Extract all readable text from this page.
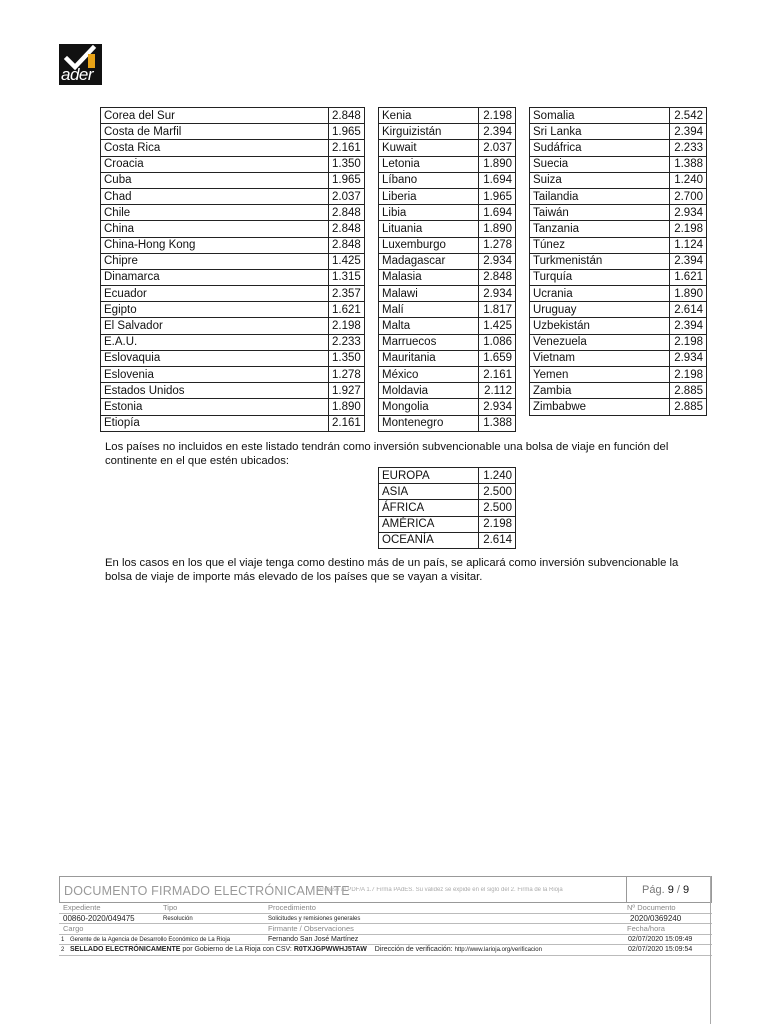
ader
Corea del Sur	2.848
Costa de Marfil	1.965
Costa Rica	2.161
Croacia	1.350
Cuba	1.965
Chad	2.037
Chile	2.848
China	2.848
China-Hong Kong	2.848
Chipre	1.425
Dinamarca	1.315
Ecuador	2.357
Egipto	1.621
El Salvador	2.198
E.A.U.	2.233
Eslovaquia	1.350
Eslovenia	1.278
Estados Unidos	1.927
Estonia	1.890
Etiopía	2.161
Kenia	2.198
Kirguizistán	2.394
Kuwait	2.037
Letonia	1.890
Líbano	1.694
Liberia	1.965
Libia	1.694
Lituania	1.890
Luxemburgo	1.278
Madagascar	2.934
Malasia	2.848
Malawi	2.934
Malí	1.817
Malta	1.425
Marruecos	1.086
Mauritania	1.659
México	2.161
Moldavia	2.112
Mongolia	2.934
Montenegro	1.388
Somalia	2.542
Sri Lanka	2.394
Sudáfrica	2.233
Suecia	1.388
Suiza	1.240
Tailandia	2.700
Taiwán	2.934
Tanzania	2.198
Túnez	1.124
Turkmenistán	2.394
Turquía	1.621
Ucrania	1.890
Uruguay	2.614
Uzbekistán	2.394
Venezuela	2.198
Vietnam	2.934
Yemen	2.198
Zambia	2.885
Zimbabwe	2.885

Los países no incluidos en este listado tendrán como inversión subvencionable una bolsa de viaje en función del continente en el que estén ubicados:

EUROPA	1.240
ASIA	2.500
ÁFRICA	2.500
AMÉRICA	2.198
OCEANÍA	2.614

En los casos en los que el viaje tenga como destino más de un país, se aplicará como inversión subvencionable la bolsa de viaje de importe más elevado de los países que se vayan a visitar.

DOCUMENTO FIRMADO ELECTRÓNICAMENTE
en base al PDF/A 1.7 Firma PAdES. Su validez se expide en el siglo del 2. Firma de la Rioja	Pág. 9 / 9
Expediente	Tipo	Procedimiento	Nº Documento
00860-2020/049475	Resolución	Solicitudes y remisiones generales	2020/0369240
Cargo	Firmante / Observaciones	Fecha/hora
1 Gerente de la Agencia de Desarrollo Económico de La Rioja	Fernando San José Martínez	02/07/2020 15:09:49
2 SELLADO ELECTRÓNICAMENTE por Gobierno de La Rioja con CSV: R0TXJGPWWHJ5TAW Dirección de verificación: http://www.larioja.org/verificacion	02/07/2020 15:09:54
